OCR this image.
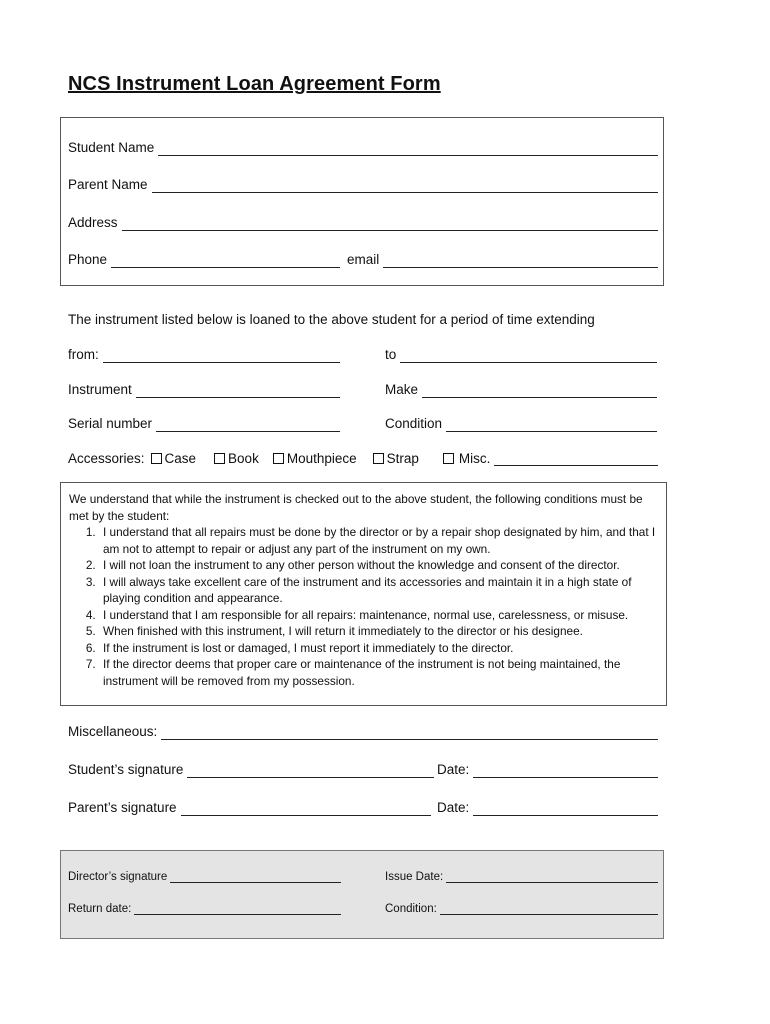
NCS Instrument Loan Agreement Form
Student Name
Parent Name
Address
Phone	email
The instrument listed below is loaned to the above student for a period of time extending
from:	to
Instrument	Make
Serial number	Condition
Accessories: Case Book Mouthpiece Strap	Misc.
We understand that while the instrument is checked out to the above student, the following conditions must be met by the student:
1. I understand that all repairs must be done by the director or by a repair shop designated by him, and that I am not to attempt to repair or adjust any part of the instrument on my own.
2. I will not loan the instrument to any other person without the knowledge and consent of the director.
3. I will always take excellent care of the instrument and its accessories and maintain it in a high state of playing condition and appearance.
4. I understand that I am responsible for all repairs: maintenance, normal use, carelessness, or misuse.
5. When finished with this instrument, I will return it immediately to the director or his designee.
6. If the instrument is lost or damaged, I must report it immediately to the director.
7. If the director deems that proper care or maintenance of the instrument is not being maintained, the instrument will be removed from my possession.
Miscellaneous:
Student’s signature	Date:
Parent’s signature	Date:
Director’s signature	Issue Date:
Return date:	Condition:
